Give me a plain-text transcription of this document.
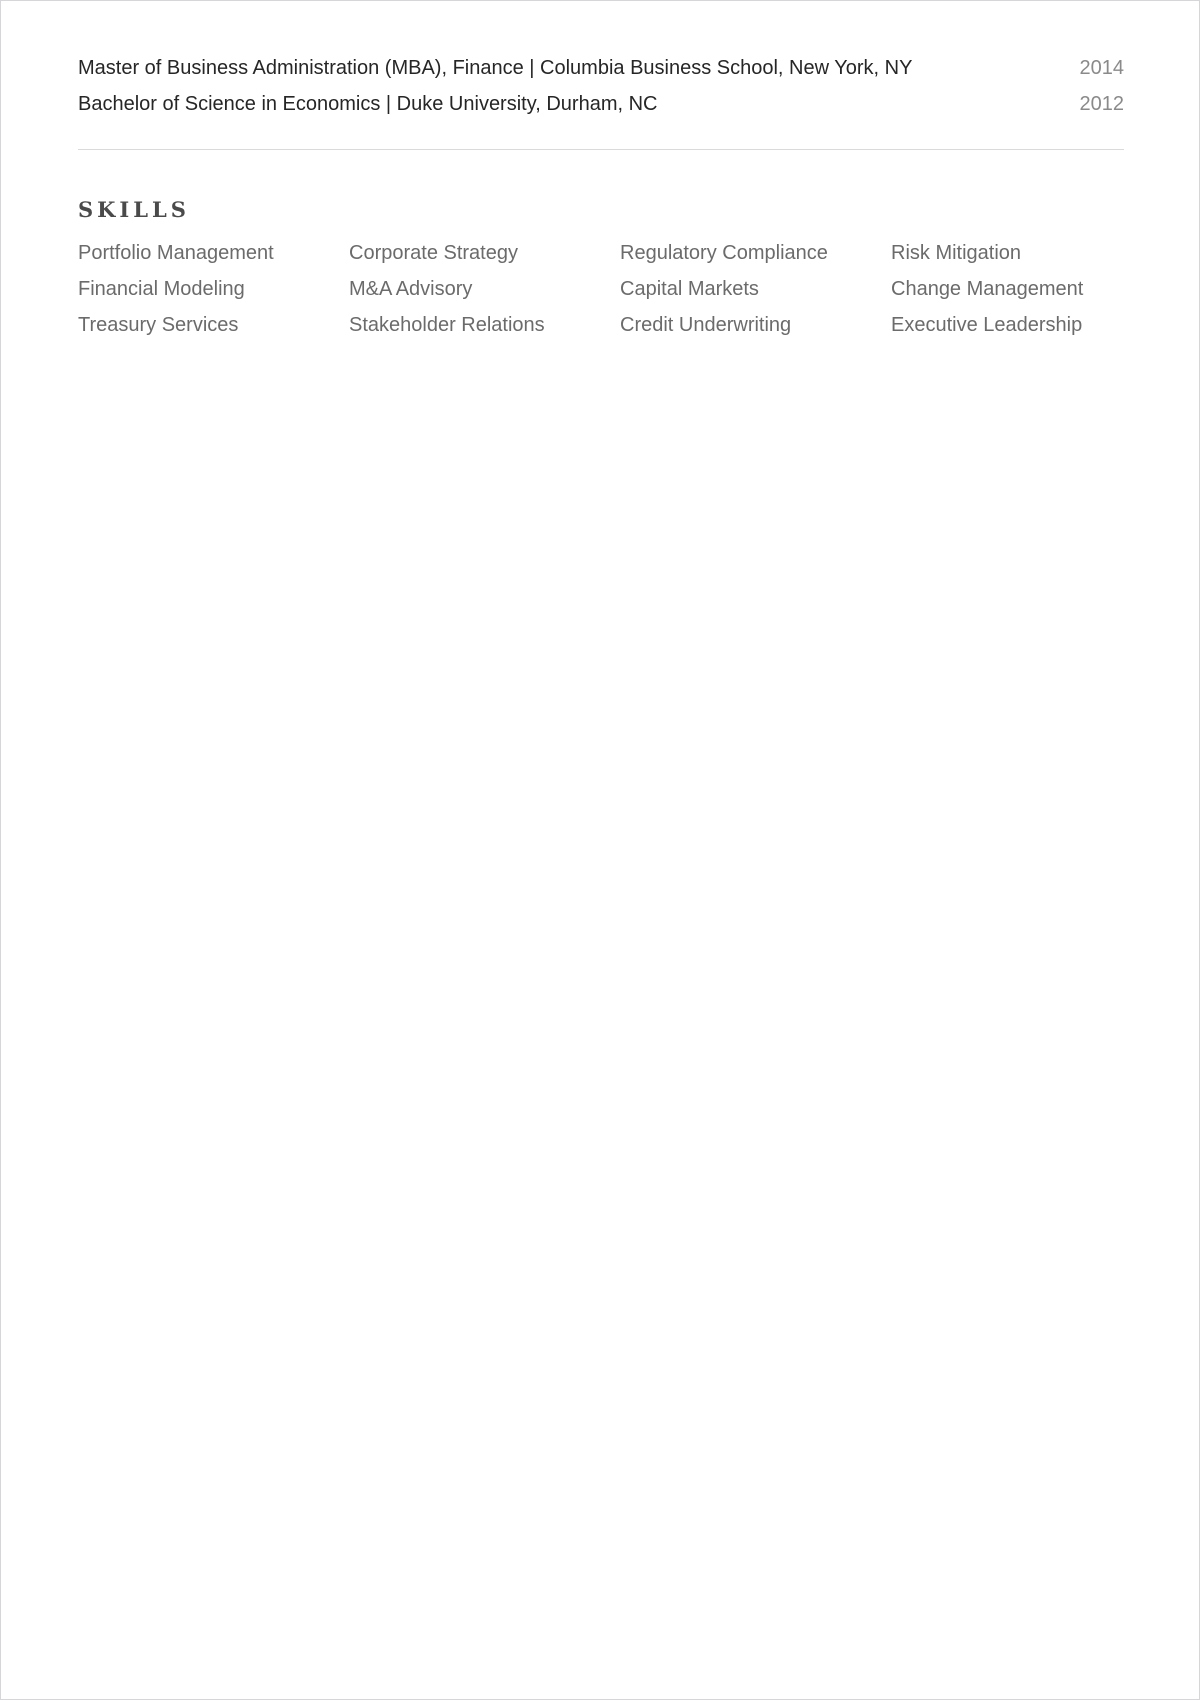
Master of Business Administration (MBA), Finance | Columbia Business School, New York, NY	2014
Bachelor of Science in Economics | Duke University, Durham, NC	2012
SKILLS
Portfolio Management	Corporate Strategy	Regulatory Compliance	Risk Mitigation
Financial Modeling	M&A Advisory	Capital Markets	Change Management
Treasury Services	Stakeholder Relations	Credit Underwriting	Executive Leadership
